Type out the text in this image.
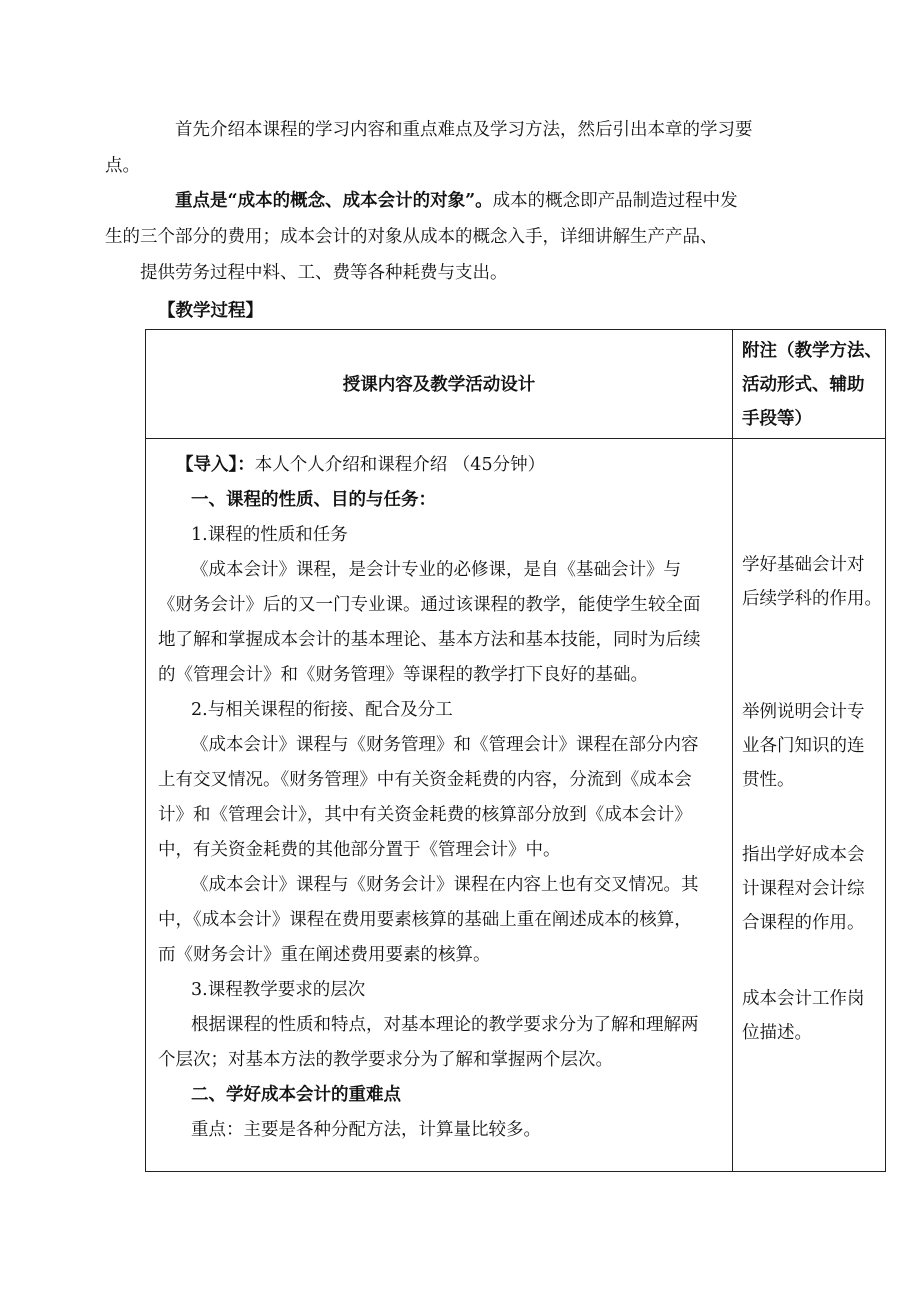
首先介绍本课程的学习内容和重点难点及学习方法，然后引出本章的学习要
点。

重点是“成本的概念、成本会计的对象”。成本的概念即产品制造过程中发
生的三个部分的费用；成本会计的对象从成本的概念入手，详细讲解生产产品、
提供劳务过程中料、工、费等各种耗费与支出。

【教学过程】
授课内容及教学活动设计
附注（教学方法、
活动形式、辅助
手段等）
【导入】：本人个人介绍和课程介绍 （45分钟）
一、课程的性质、目的与任务：
1.课程的性质和任务
《成本会计》课程，是会计专业的必修课，是自《基础会计》与
《财务会计》后的又一门专业课。通过该课程的教学，能使学生较全面
地了解和掌握成本会计的基本理论、基本方法和基本技能，同时为后续
的《管理会计》和《财务管理》等课程的教学打下良好的基础。
2.与相关课程的衔接、配合及分工
《成本会计》课程与《财务管理》和《管理会计》课程在部分内容
上有交叉情况。《财务管理》中有关资金耗费的内容，分流到《成本会
计》和《管理会计》，其中有关资金耗费的核算部分放到《成本会计》
中，有关资金耗费的其他部分置于《管理会计》中。
《成本会计》课程与《财务会计》课程在内容上也有交叉情况。其
中，《成本会计》课程在费用要素核算的基础上重在阐述成本的核算，
而《财务会计》重在阐述费用要素的核算。
3.课程教学要求的层次
根据课程的性质和特点，对基本理论的教学要求分为了解和理解两
个层次；对基本方法的教学要求分为了解和掌握两个层次。
二、学好成本会计的重难点
重点：主要是各种分配方法，计算量比较多。
学好基础会计对
后续学科的作用。
举例说明会计专
业各门知识的连
贯性。
指出学好成本会
计课程对会计综
合课程的作用。
成本会计工作岗
位描述。
